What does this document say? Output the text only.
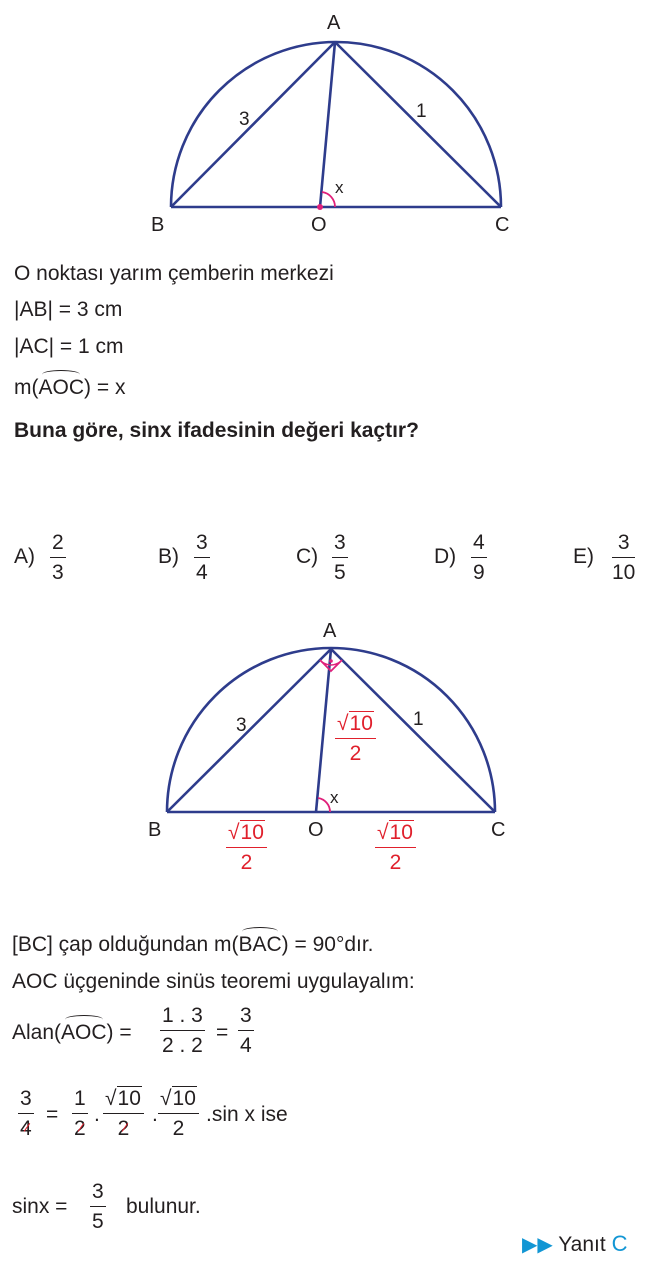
A
B	O	C
3	1
x
O noktası yarım çemberin merkezi
|AB| = 3 cm
|AC| = 1 cm
m(AOC) = x
Buna göre, sinx ifadesinin değeri kaçtır?
A)
2
3
B)
3
4
C)
3
5
D)
4
9
E)
3
10
A
B	O	C
3	1
x
√10
2
√10
2
√10
2
[BC] çap olduğundan m(BAC) = 90°dır.
AOC üçgeninde sinüs teoremi uygulayalım:
Alan(AOC) =
1 . 3
2 . 2
=
3
4
3
4
=
1
2
.
√10
2
.
√10
2
.sin x ise
sinx =
3
5
bulunur.
▶▶ Yanıt C
